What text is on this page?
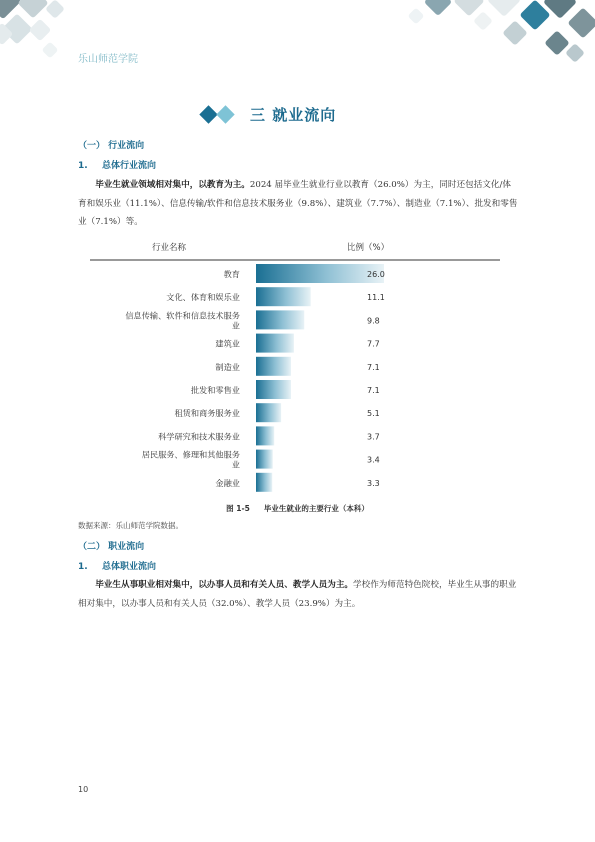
乐山师范学院
三 就业流向
（一） 行业流向
1. 总体行业流向
毕业生就业领域相对集中，以教育为主。2024 届毕业生就业行业以教育（26.0%）为主，同时还包括文化/体育和娱乐业（11.1%）、信息传输/软件和信息技术服务业（9.8%）、建筑业（7.7%）、制造业（7.1%）、批发和零售业（7.1%）等。
行业名称	比例（%）
教育	26.0
文化、体育和娱乐业	11.1
信息传输、软件和信息技术服务业	9.8
建筑业	7.7
制造业	7.1
批发和零售业	7.1
租赁和商务服务业	5.1
科学研究和技术服务业	3.7
居民服务、修理和其他服务业	3.4
金融业	3.3
图 1-5 毕业生就业的主要行业（本科）
数据来源：乐山师范学院数据。
（二） 职业流向
1. 总体职业流向
毕业生从事职业相对集中，以办事人员和有关人员、教学人员为主。学校作为师范特色院校，毕业生从事的职业相对集中，以办事人员和有关人员（32.0%）、教学人员（23.9%）为主。
10
